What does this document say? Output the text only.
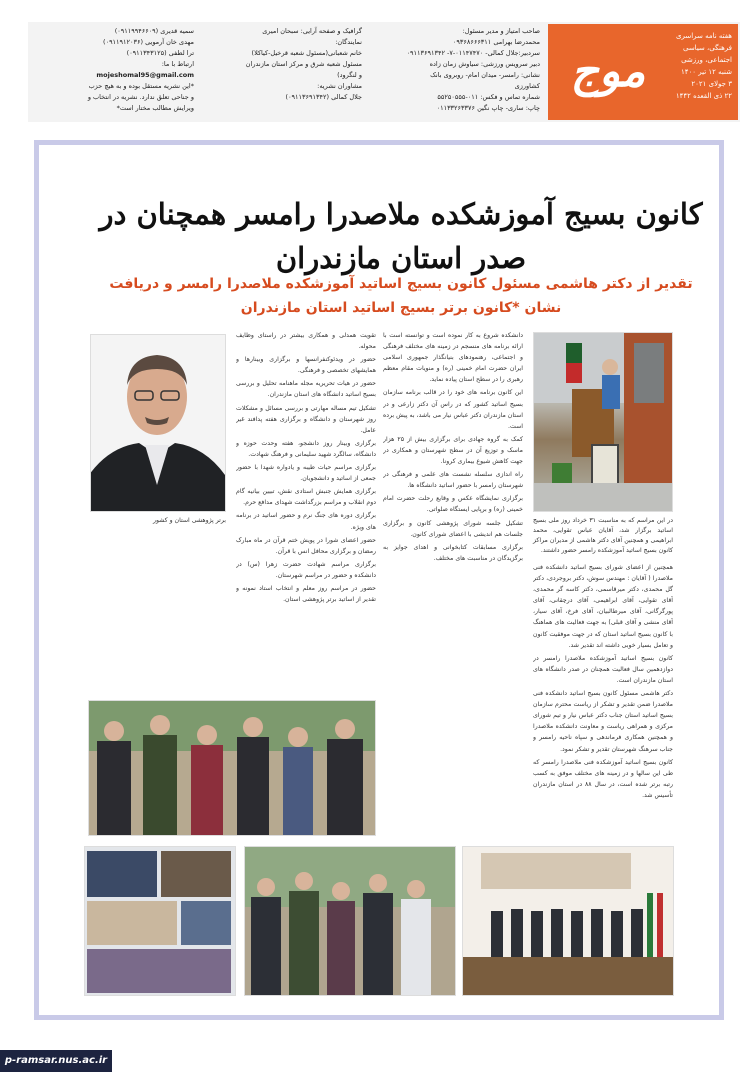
موج
هفته نامه سراسری
فرهنگی، سیاسی
اجتماعی، ورزشی
شنبه ۱۲ تیر ۱۴۰۰
۳ جولای ۲۰۲۱
۲۲ ذی القعده ۱۴۴۲
صاحب امتیاز و مدیر مسئول:
محمدرضا بهرامی ۰۹۳۶۸۶۶۶۳۱۱
سردبیر:جلال کمالی- ۰۱۱۴۷۴۷۰-۷- ۰۹۱۱۳۶۹۱۳۴۲
دبیر سرویس ورزشی: سیاوش زمان زاده
نشانی: رامسر- میدان امام- روبروی بانک
کشاورزی
شماره تماس و فکس: ۰۱۱-۵۵۲۵۰۵۵۵
چاپ: ساری- چاپ نگین ۰۱۱۳۳۲۶۳۳۷۶
گرافیک و صفحه آرایی: سبحان امیری
نمایندگان:
خانم شعبانی(مسئول شعبه قرخیل-کیاکلا)
مسئول شعبه شرق و مرکز استان مازندران
و لنگرود)
مشاوران نشریه:
جلال کمالی (۰۹۱۱۳۶۹۱۳۴۲)
سمیه قدیری (۰۹۱۱۹۹۴۶۶۰۹)
مهدی خان آرمویی (۰۹۱۱۹۱۲۰۳۶)
ترا لطفی (۰۹۱۱۳۴۳۱۲۵)
ارتباط با ما:
mojeshomal95@gmail.com
*این نشریه مستقل بوده و به هیچ حزب
و جناحی تعلق ندارد. نشریه در انتخاب و
ویرایش مطالب مختار است*
کانون بسیج آموزشکده ملاصدرا رامسر همچنان در صدر استان مازندران
تقدیر از دکتر هاشمی مسئول کانون بسیج اساتید آموزشکده ملاصدرا رامسر و دریافت نشان *کانون برتر بسیج اساتید استان مازندران
برتر پژوهشی استان و کشور	در این مراسم که به مناسبت ۳۱ خرداد روز ملی بسیج اساتید برگزار شد، آقایان عباس تقوایی، محمد ابراهیمی و همچنین آقای دکتر هاشمی از مدیران مراکز کانون بسیج اساتید آموزشکده رامسر حضور داشتند.

همچنین از اعضای شورای بسیج اساتید دانشکده فنی ملاصدرا ( آقایان : مهندس سوش، دکتر بروجردی، دکتر گل محمدی، دکتر میرقاسمی، دکتر کاسه گر محمدی، آقای تقوایی، آقای ابراهیمی، آقای درچقانی، آقای پورگرگانی، آقای میرطالبیان، آقای فرخ، آقای سیار، آقای منشی و آقای قبلی) به جهت فعالیت های هماهنگ با کانون بسیج اساتید استان که در جهت موفقیت کانون و تعامل بسیار خوبی داشته اند تقدیر شد.

کانون بسیج اساتید آموزشکده ملاصدرا رامسر در دوازدهمین سال فعالیت همچنان در صدر دانشگاه های استان مازندران است.

دکتر هاشمی مسئول کانون بسیج اساتید دانشکده فنی ملاصدرا ضمن تقدیر و تشکر از ریاست محترم سازمان بسیج اساتید استان جناب دکتر عباس نیار و تیم شورای مرکزی و همراهی ریاست و معاونت دانشکده ملاصدرا و همچنین همکاری فرماندهی و سپاه ناحیه رامسر و جناب سرهنگ شهرستان تقدیر و تشکر نمود.

کانون بسیج اساتید آموزشکده فنی ملاصدرا رامسر که طی این سالها و در زمینه های مختلف موفق به کسب رتبه برتر شده است، در سال ۸۸ در استان مازندران تأسیس شد.

دانشکده شروع به کار نموده است و توانسته است با ارائه برنامه های منسجم در زمینه های مختلف فرهنگی و اجتماعی، رهنمودهای بنیانگذار جمهوری اسلامی ایران حضرت امام خمینی (ره) و منویات مقام معظم رهبری را در سطح استان پیاده نماید.

این کانون برنامه های خود را در قالب برنامه سازمان بسیج اساتید کشور که در راس آن دکتر زارعی و در استان مازندران دکتر عباس نیار می باشد، به پیش برده است.

کمک به گروه جهادی برای برگزاری بیش از ۲۵ هزار ماسک و توزیع آن در سطح شهرستان و همکاری در جهت کاهش شیوع بیماری کرونا.

راه اندازی سلسله نشست های علمی و فرهنگی در شهرستان رامسر با حضور اساتید دانشگاه ها.

برگزاری نمایشگاه عکس و وقایع رحلت حضرت امام خمینی (ره) و برپایی ایستگاه صلواتی.

تشکیل جلسه شورای پژوهشی کانون و برگزاری جلسات هم اندیشی با اعضای شورای کانون.

برگزاری مسابقات کتابخوانی و اهدای جوایز به برگزیدگان در مناسبت های مختلف.

تقویت همدلی و همکاری بیشتر در راستای وظایف محوله.

حضور در ویدئوکنفرانسها و برگزاری وبینارها و همایشهای تخصصی و فرهنگی.

حضور در هیات تحریریه مجله ماهنامه تحلیل و بررسی بسیج اساتید دانشگاه های استان مازندران.

تشکیل تیم مساله مهارتی و بررسی مسائل و مشکلات روز شهرستان و دانشگاه و برگزاری هفته پدافند غیر عامل.

برگزاری وبینار روز دانشجو، هفته وحدت حوزه و دانشگاه، سالگرد شهید سلیمانی و فرهنگ شهادت.

برگزاری مراسم حیات طیبه و یادواره شهدا با حضور جمعی از اساتید و دانشجویان.

برگزاری همایش جنبش استادی نقش، تبیین بیانیه گام دوم انقلاب و مراسم بزرگداشت شهدای مدافع حرم.

برگزاری دوره های جنگ نرم و حضور اساتید در برنامه های ویژه.

حضور اعضای شورا در پویش ختم قرآن در ماه مبارک رمضان و برگزاری محافل انس با قرآن.

برگزاری مراسم شهادت حضرت زهرا (س) در دانشکده و حضور در مراسم شهرستان.

حضور در مراسم روز معلم و انتخاب استاد نمونه و تقدیر از اساتید برتر پژوهشی استان.

p-ramsar.nus.ac.ir
